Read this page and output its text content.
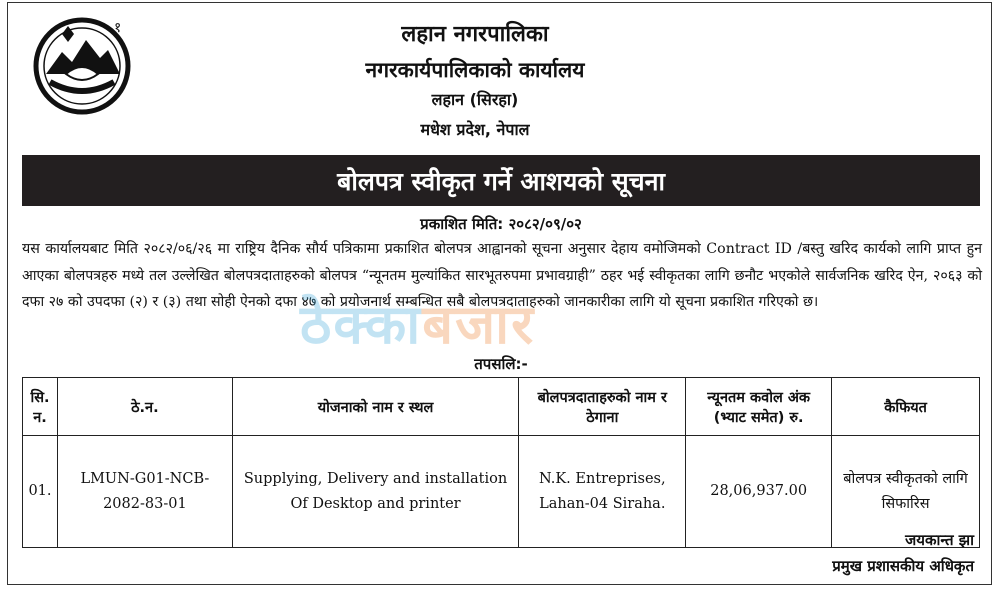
१	लहान नगरपालिका

नगरकार्यपालिकाको कार्यालय

लहान (सिरहा)

मधेश प्रदेश, नेपाल

बोलपत्र स्वीकृत गर्ने आशयको सूचना
प्रकाशित मिति: २०८२/०९/०२

यस कार्यालयबाट मिति २०८२/०६/२६ मा राष्ट्रिय दैनिक सौर्य पत्रिकामा प्रकाशित बोलपत्र आह्वानको सूचना अनुसार देहाय वमोजिमको Contract ID /बस्तु खरिद कार्यको लागि प्राप्त हुन आएका बोलपत्रहरु मध्ये तल उल्लेखित बोलपत्रदाताहरुको बोलपत्र “न्यूनतम मुल्यांकित सारभूतरुपमा प्रभावग्राही” ठहर भई स्वीकृतका लागि छनौट भएकोले सार्वजनिक खरिद ऐन, २०६३ को दफा २७ को उपदफा (२) र (३) तथा सोही ऐनको दफा ४७ को प्रयोजनार्थ सम्बन्धित सबै बोलपत्रदाताहरुको जानकारीका लागि यो सूचना प्रकाशित गरिएको छ।

ठेक्काबजार
तपसलि:-
सि. न.	ठे.न.	योजनाको नाम र स्थल	बोलपत्रदाताहरुको नाम र ठेगाना	न्यूनतम कवोल अंक (भ्याट समेत) रु.	कैफियत
01.	LMUN-G01-NCB-2082-83-01	Supplying, Delivery and installation Of Desktop and printer	N.K. Entreprises, Lahan-04 Siraha.	28,06,937.00	बोलपत्र स्वीकृतको लागि सिफारिस
जयकान्त झा
प्रमुख प्रशासकीय अधिकृत
